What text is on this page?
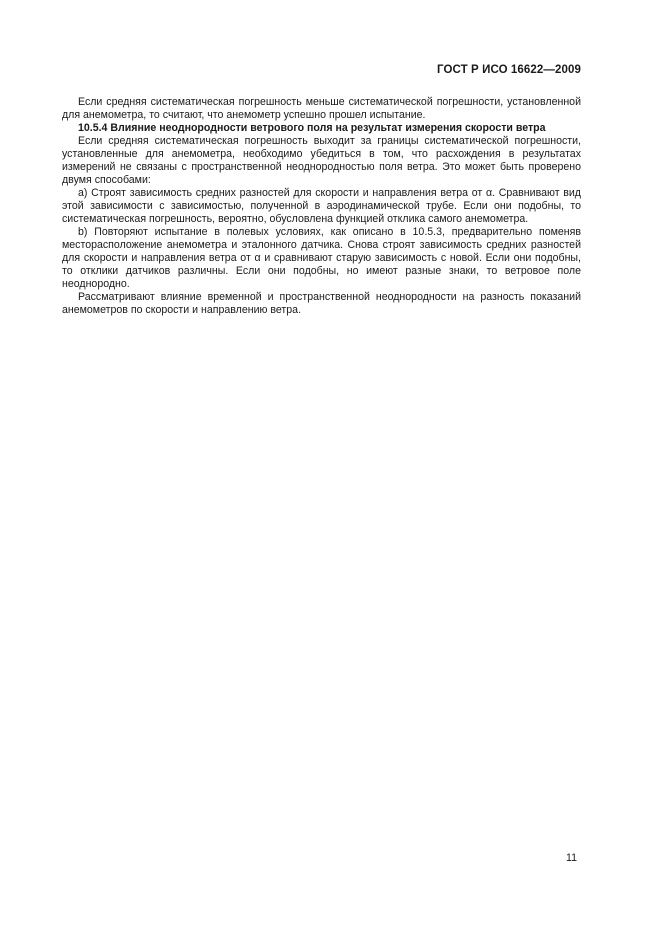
ГОСТ Р ИСО 16622—2009

Если средняя систематическая погрешность меньше систематической погрешности, установленной для анемометра, то считают, что анемометр успешно прошел испытание.

10.5.4 Влияние неоднородности ветрового поля на результат измерения скорости ветра

Если средняя систематическая погрешность выходит за границы систематической погрешности, установленные для анемометра, необходимо убедиться в том, что расхождения в результатах измерений не связаны с пространственной неоднородностью поля ветра. Это может быть проверено двумя способами:

a) Строят зависимость средних разностей для скорости и направления ветра от α. Сравнивают вид этой зависимости с зависимостью, полученной в аэродинамической трубе. Если они подобны, то систематическая погрешность, вероятно, обусловлена функцией отклика самого анемометра.

b) Повторяют испытание в полевых условиях, как описано в 10.5.3, предварительно поменяв месторасположение анемометра и эталонного датчика. Снова строят зависимость средних разностей для скорости и направления ветра от α и сравнивают старую зависимость с новой. Если они подобны, то отклики датчиков различны. Если они подобны, но имеют разные знаки, то ветровое поле неоднородно.

Рассматривают влияние временной и пространственной неоднородности на разность показаний анемометров по скорости и направлению ветра.

11
